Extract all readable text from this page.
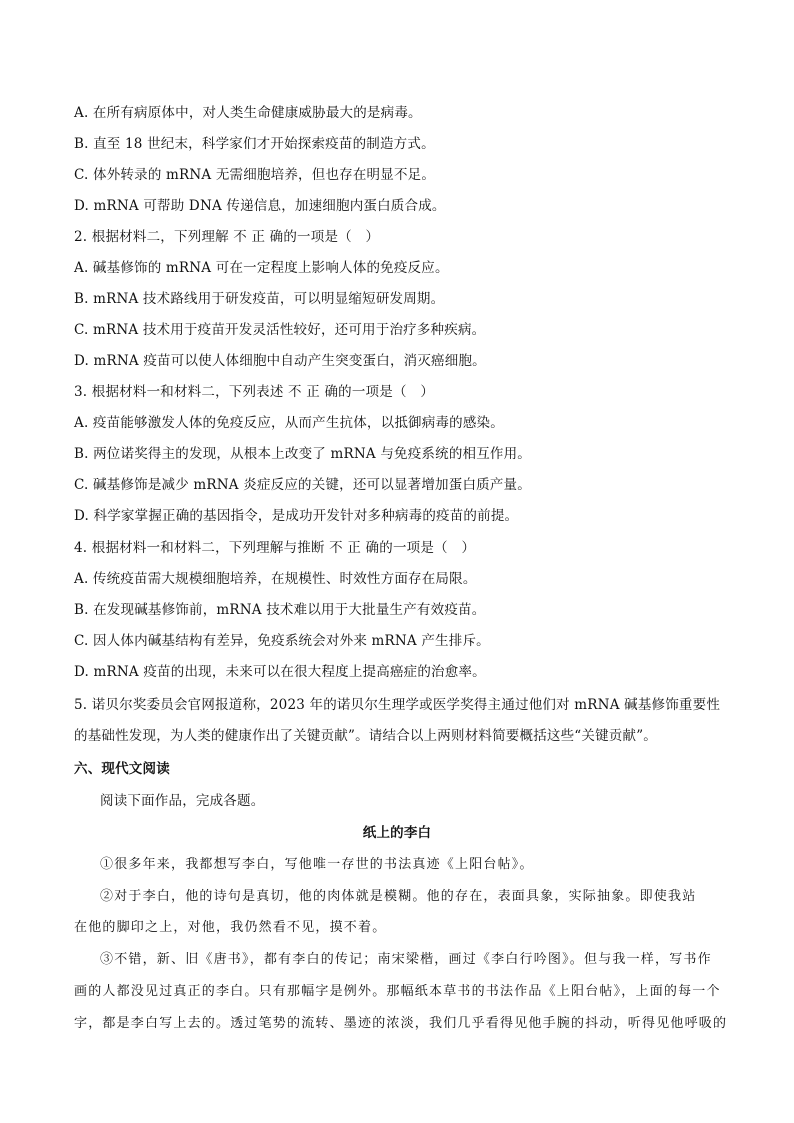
A. 在所有病原体中，对人类生命健康威胁最大的是病毒。
B. 直至 18 世纪末，科学家们才开始探索疫苗的制造方式。
C. 体外转录的 mRNA 无需细胞培养，但也存在明显不足。
D. mRNA 可帮助 DNA 传递信息，加速细胞内蛋白质合成。
2. 根据材料二，下列理解 不 正 确的一项是（　）
A. 碱基修饰的 mRNA 可在一定程度上影响人体的免疫反应。
B. mRNA 技术路线用于研发疫苗，可以明显缩短研发周期。
C. mRNA 技术用于疫苗开发灵活性较好，还可用于治疗多种疾病。
D. mRNA 疫苗可以使人体细胞中自动产生突变蛋白，消灭癌细胞。
3. 根据材料一和材料二，下列表述 不 正 确的一项是（　）
A. 疫苗能够激发人体的免疫反应，从而产生抗体，以抵御病毒的感染。
B. 两位诺奖得主的发现，从根本上改变了 mRNA 与免疫系统的相互作用。
C. 碱基修饰是减少 mRNA 炎症反应的关键，还可以显著增加蛋白质产量。
D. 科学家掌握正确的基因指令，是成功开发针对多种病毒的疫苗的前提。
4. 根据材料一和材料二，下列理解与推断 不 正 确的一项是（　）
A. 传统疫苗需大规模细胞培养，在规模性、时效性方面存在局限。
B. 在发现碱基修饰前，mRNA 技术难以用于大批量生产有效疫苗。
C. 因人体内碱基结构有差异，免疫系统会对外来 mRNA 产生排斥。
D. mRNA 疫苗的出现，未来可以在很大程度上提高癌症的治愈率。
5. 诺贝尔奖委员会官网报道称，2023 年的诺贝尔生理学或医学奖得主通过他们对 mRNA 碱基修饰重要性
的基础性发现，为人类的健康作出了关键贡献”。请结合以上两则材料简要概括这些“关键贡献”。
六、现代文阅读
阅读下面作品，完成各题。
纸上的李白
①很多年来，我都想写李白，写他唯一存世的书法真迹《上阳台帖》。
②对于李白，他的诗句是真切，他的肉体就是模糊。他的存在，表面具象，实际抽象。即使我站
在他的脚印之上，对他，我仍然看不见，摸不着。
③不错，新、旧《唐书》，都有李白的传记；南宋梁楷，画过《李白行吟图》。但与我一样，写书作
画的人都没见过真正的李白。只有那幅字是例外。那幅纸本草书的书法作品《上阳台帖》，上面的每一个
字，都是李白写上去的。透过笔势的流转、墨迹的浓淡，我们几乎看得见他手腕的抖动，听得见他呼吸的
